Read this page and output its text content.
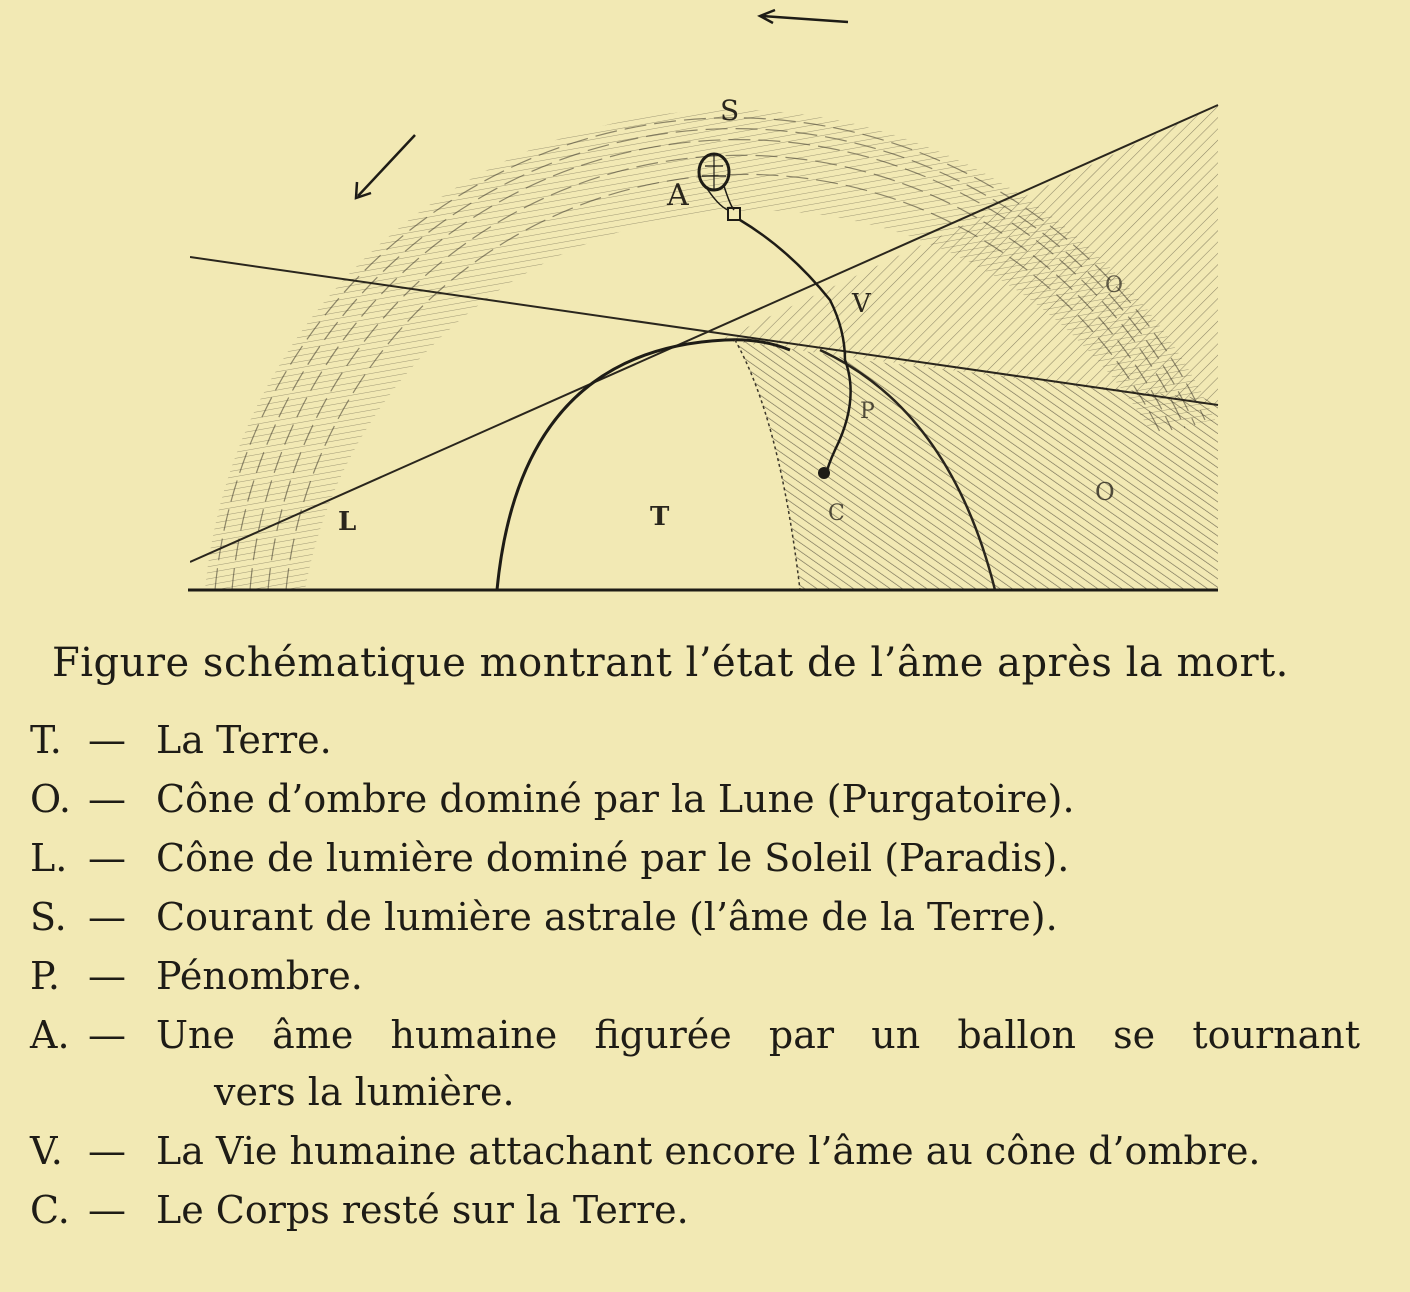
S
A
V
L	T
O
O
C
P
Figure schématique montrant l’état de l’âme après la mort.
T. — La Terre.
O. — Cône d’ombre dominé par la Lune (Purgatoire).
L. — Cône de lumière dominé par le Soleil (Paradis).
S. — Courant de lumière astrale (l’âme de la Terre).
P. — Pénombre.
A. — Une âme humaine figurée par un ballon se tournant
vers la lumière.
V. — La Vie humaine attachant encore l’âme au cône d’ombre.
C. — Le Corps resté sur la Terre.
